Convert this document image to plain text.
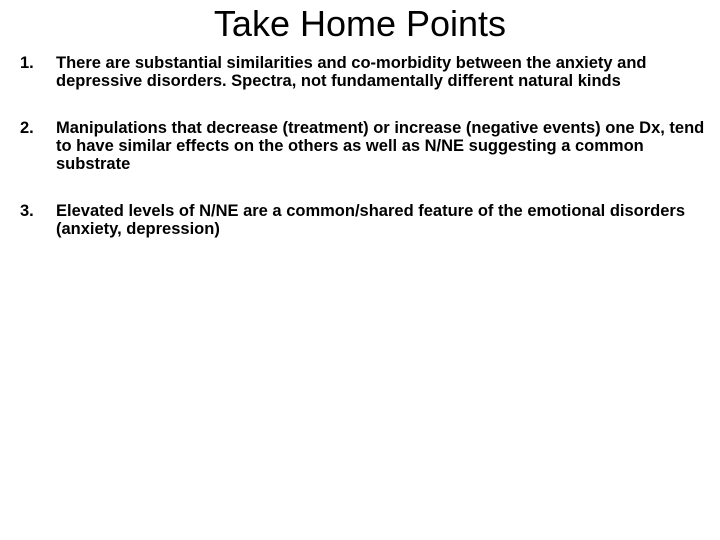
Take Home Points
1.	There are substantial similarities and co-morbidity between the anxiety and depressive disorders. Spectra, not fundamentally different natural kinds
2.	Manipulations that decrease (treatment) or increase (negative events) one Dx, tend to have similar effects on the others as well as N/NE suggesting a common substrate
3.	Elevated levels of N/NE are a common/shared feature of the emotional disorders (anxiety, depression)
